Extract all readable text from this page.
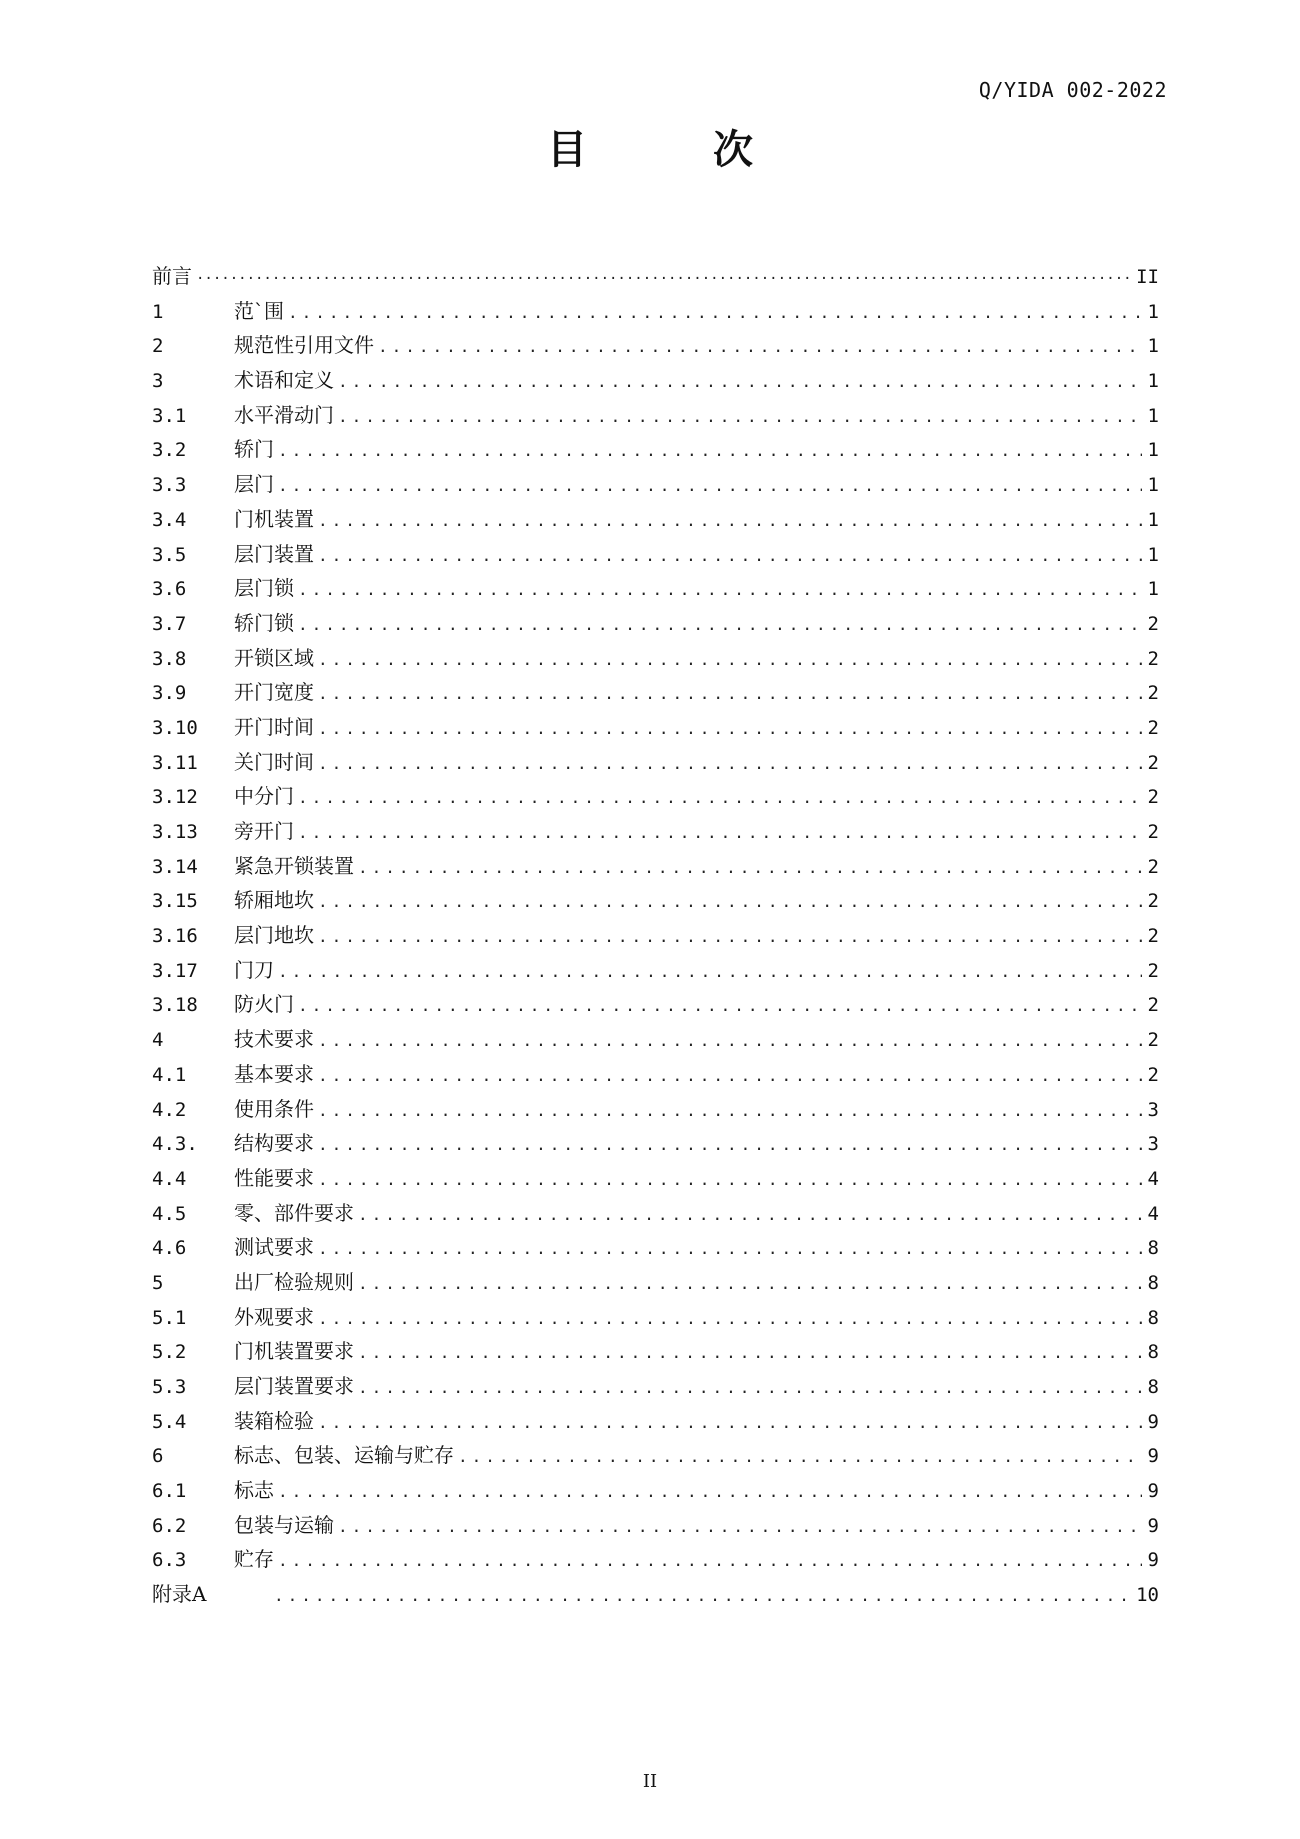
Q/YIDA 002-2022

目 次
前言 ·····	II
1	范`围 .....	1
2	规范性引用文件 .....	1
3	术语和定义 .....	1
3.1	水平滑动门 .....	1
3.2	轿门 .....	1
3.3	层门 .....	1
3.4	门机装置 .....	1
3.5	层门装置 .....	1
3.6	层门锁 .....	1
3.7	轿门锁 .....	2
3.8	开锁区域 .....	2
3.9	开门宽度 .....	2
3.10	开门时间 .....	2
3.11	关门时间 .....	2
3.12	中分门 .....	2
3.13	旁开门 .....	2
3.14	紧急开锁装置 .....	2
3.15	轿厢地坎 .....	2
3.16	层门地坎 .....	2
3.17	门刀 .....	2
3.18	防火门 .....	2
4	技术要求 .....	2
4.1	基本要求 .....	2
4.2	使用条件 .....	3
4.3.	结构要求 .....	3
4.4	性能要求 .....	4
4.5	零、部件要求 .....	4
4.6	测试要求 .....	8
5	出厂检验规则 .....	8
5.1	外观要求 .....	8
5.2	门机装置要求 .....	8
5.3	层门装置要求 .....	8
5.4	装箱检验 .....	9
6	标志、包装、运输与贮存 .....	9
6.1	标志 .....	9
6.2	包装与运输 .....	9
6.3	贮存 .....	9
附录A .....	10

II
